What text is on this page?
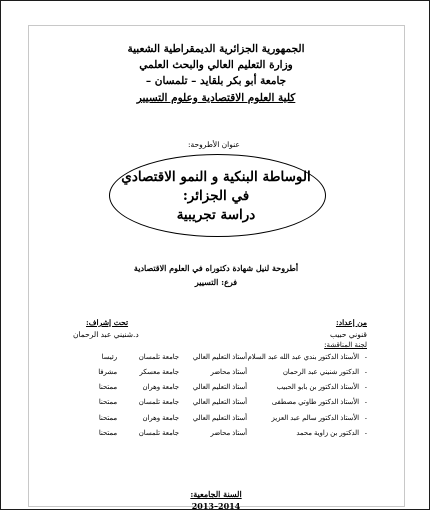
الجمهورية الجزائرية الديمقراطية الشعبية
وزارة التعليم العالي والبحث العلمي
جامعة أبو بكر بلقايد – تلمسان –
كلية العلوم الاقتصادية وعلوم التسيير
عنوان الأطروحة:
الوساطة البنكية و النمو الاقتصادي
في الجزائر:
دراسة تجريبية
أطروحة لنيل شهادة دكتوراه في العلوم الاقتصادية
فرع: التسيير
من إعداد:
قنوني حبيب
تحت إشراف:
د.شنيني عبد الرحمان
لجنة المناقشة:
-
الأستاذ الدكتور بندي عبد الله عبد السلام
أستاذ التعليم العالي
جامعة تلمسان
رئيسا
-
الدكتور شنيني عبد الرحمان
أستاذ محاضر
جامعة معسكر
مشرفا
-
الأستاذ الدكتور بن بابو الحبيب
أستاذ التعليم العالي
جامعة وهران
ممتحنا
-
الأستاذ الدكتور طاوتي مصطفى
أستاذ التعليم العالي
جامعة تلمسان
ممتحنا
-
الأستاذ الدكتور سالم عبد العزيز
أستاذ التعليم العالي
جامعة وهران
ممتحنا
-
الدكتور بن زاوية محمد
أستاذ محاضر
جامعة تلمسان
ممتحنا
السنة الجامعية:
2013–2014
